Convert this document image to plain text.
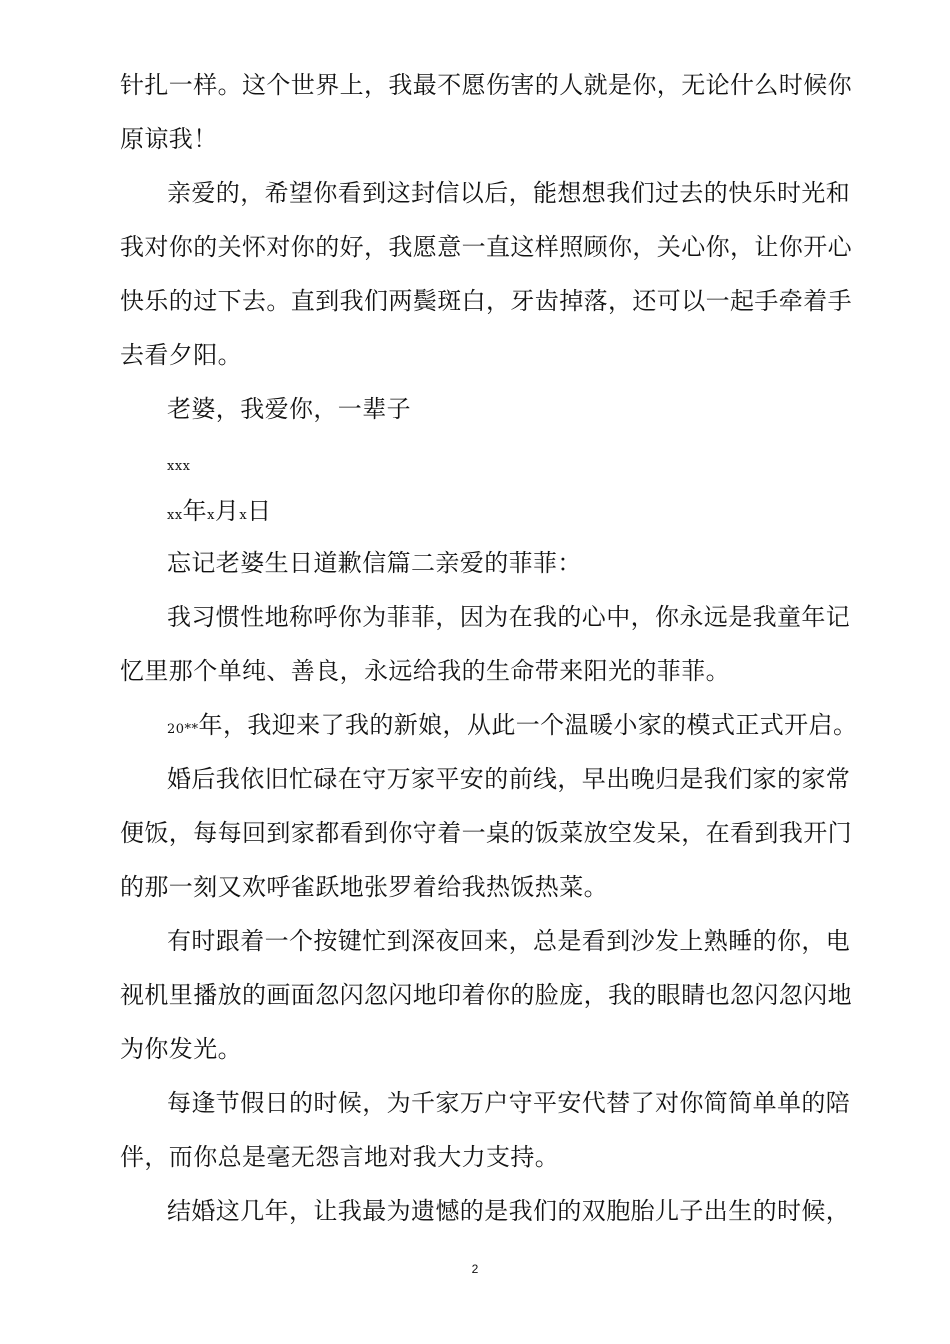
针扎一样。这个世界上，我最不愿伤害的人就是你，无论什么时候你
原谅我！
亲爱的，希望你看到这封信以后，能想想我们过去的快乐时光和
我对你的关怀对你的好，我愿意一直这样照顾你，关心你，让你开心
快乐的过下去。直到我们两鬓斑白，牙齿掉落，还可以一起手牵着手
去看夕阳。
老婆，我爱你，一辈子
xxx
xx年x月x日
忘记老婆生日道歉信篇二亲爱的菲菲：
我习惯性地称呼你为菲菲，因为在我的心中，你永远是我童年记
忆里那个单纯、善良，永远给我的生命带来阳光的菲菲。
20**年，我迎来了我的新娘，从此一个温暖小家的模式正式开启。
婚后我依旧忙碌在守万家平安的前线，早出晚归是我们家的家常
便饭，每每回到家都看到你守着一桌的饭菜放空发呆，在看到我开门
的那一刻又欢呼雀跃地张罗着给我热饭热菜。
有时跟着一个按键忙到深夜回来，总是看到沙发上熟睡的你，电
视机里播放的画面忽闪忽闪地印着你的脸庞，我的眼睛也忽闪忽闪地
为你发光。
每逢节假日的时候，为千家万户守平安代替了对你简简单单的陪
伴，而你总是毫无怨言地对我大力支持。
结婚这几年，让我最为遗憾的是我们的双胞胎儿子出生的时候，
2
